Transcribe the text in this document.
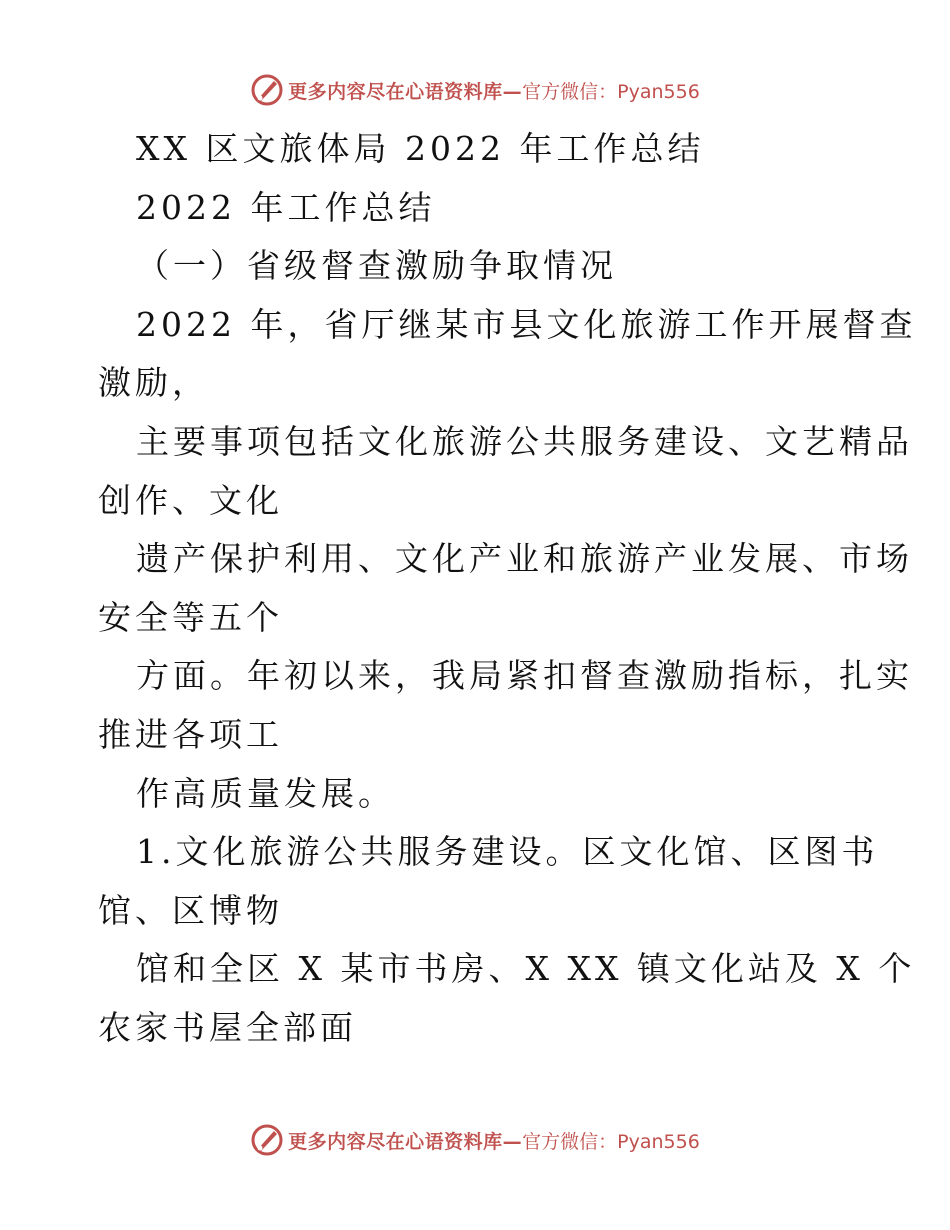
更多内容尽在心语资料库— 官方微信：Pyan556
XX 区文旅体局 2022 年工作总结
2022 年工作总结
（一）省级督查激励争取情况
2022 年，省厅继某市县文化旅游工作开展督查
激励，
主要事项包括文化旅游公共服务建设、文艺精品
创作、文化
遗产保护利用、文化产业和旅游产业发展、市场
安全等五个
方面。年初以来，我局紧扣督查激励指标，扎实
推进各项工
作高质量发展。
1.文化旅游公共服务建设。区文化馆、区图书
馆、区博物
馆和全区 X 某市书房、X XX 镇文化站及 X 个
农家书屋全部面
更多内容尽在心语资料库— 官方微信：Pyan556
